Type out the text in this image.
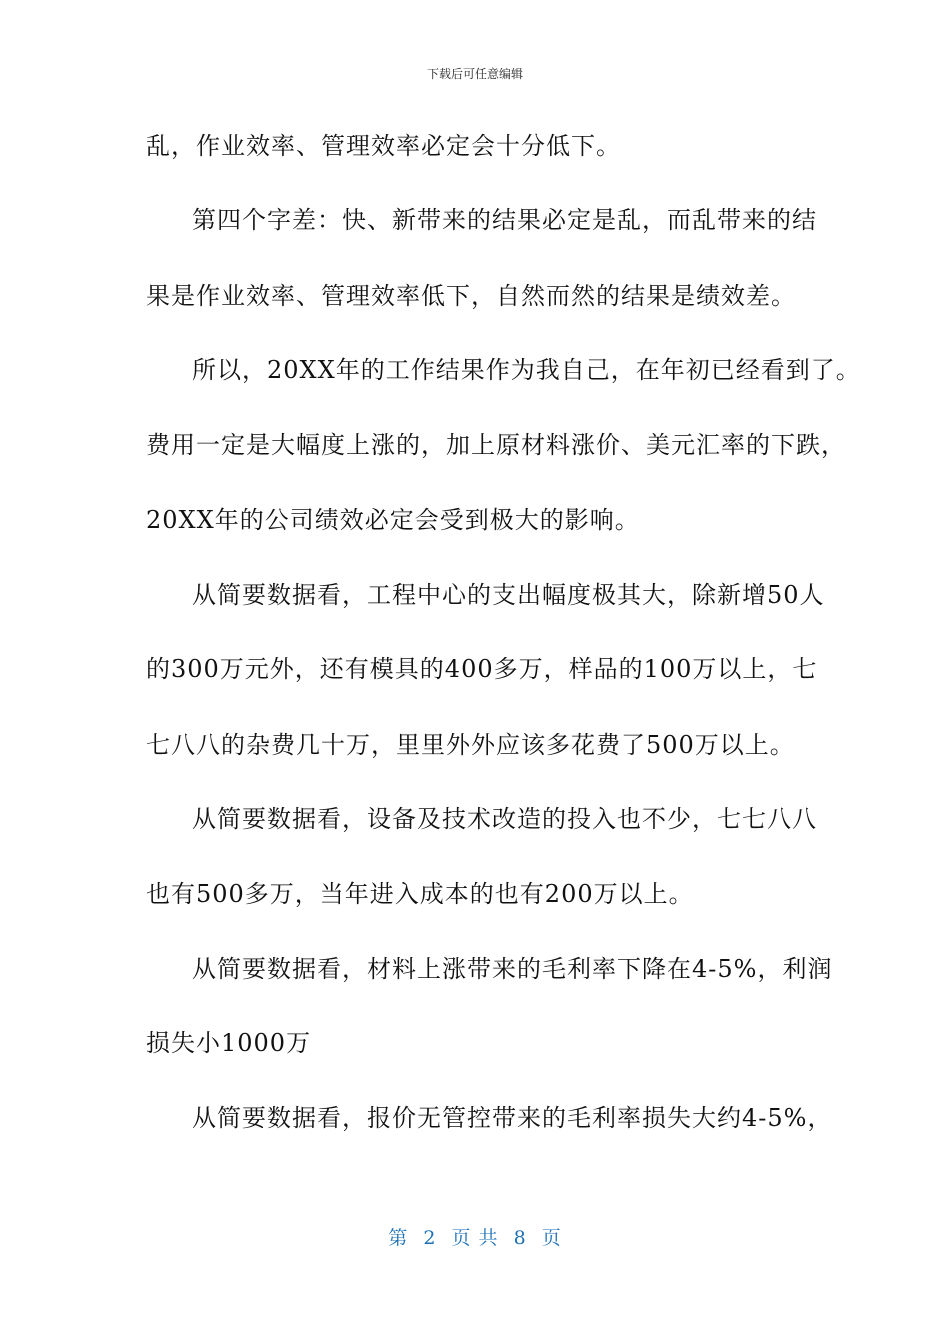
下载后可任意编辑
乱，作业效率、管理效率必定会十分低下。
第四个字差：快、新带来的结果必定是乱，而乱带来的结
果是作业效率、管理效率低下，自然而然的结果是绩效差。
所以，20XX年的工作结果作为我自己，在年初已经看到了。
费用一定是大幅度上涨的，加上原材料涨价、美元汇率的下跌，
20XX年的公司绩效必定会受到极大的影响。
从简要数据看，工程中心的支出幅度极其大，除新增50人
的300万元外，还有模具的400多万，样品的100万以上，七
七八八的杂费几十万，里里外外应该多花费了500万以上。
从简要数据看，设备及技术改造的投入也不少，七七八八
也有500多万，当年进入成本的也有200万以上。
从简要数据看，材料上涨带来的毛利率下降在4-5%，利润
损失小1000万
从简要数据看，报价无管控带来的毛利率损失大约4-5%，
第 2 页 共 8 页
